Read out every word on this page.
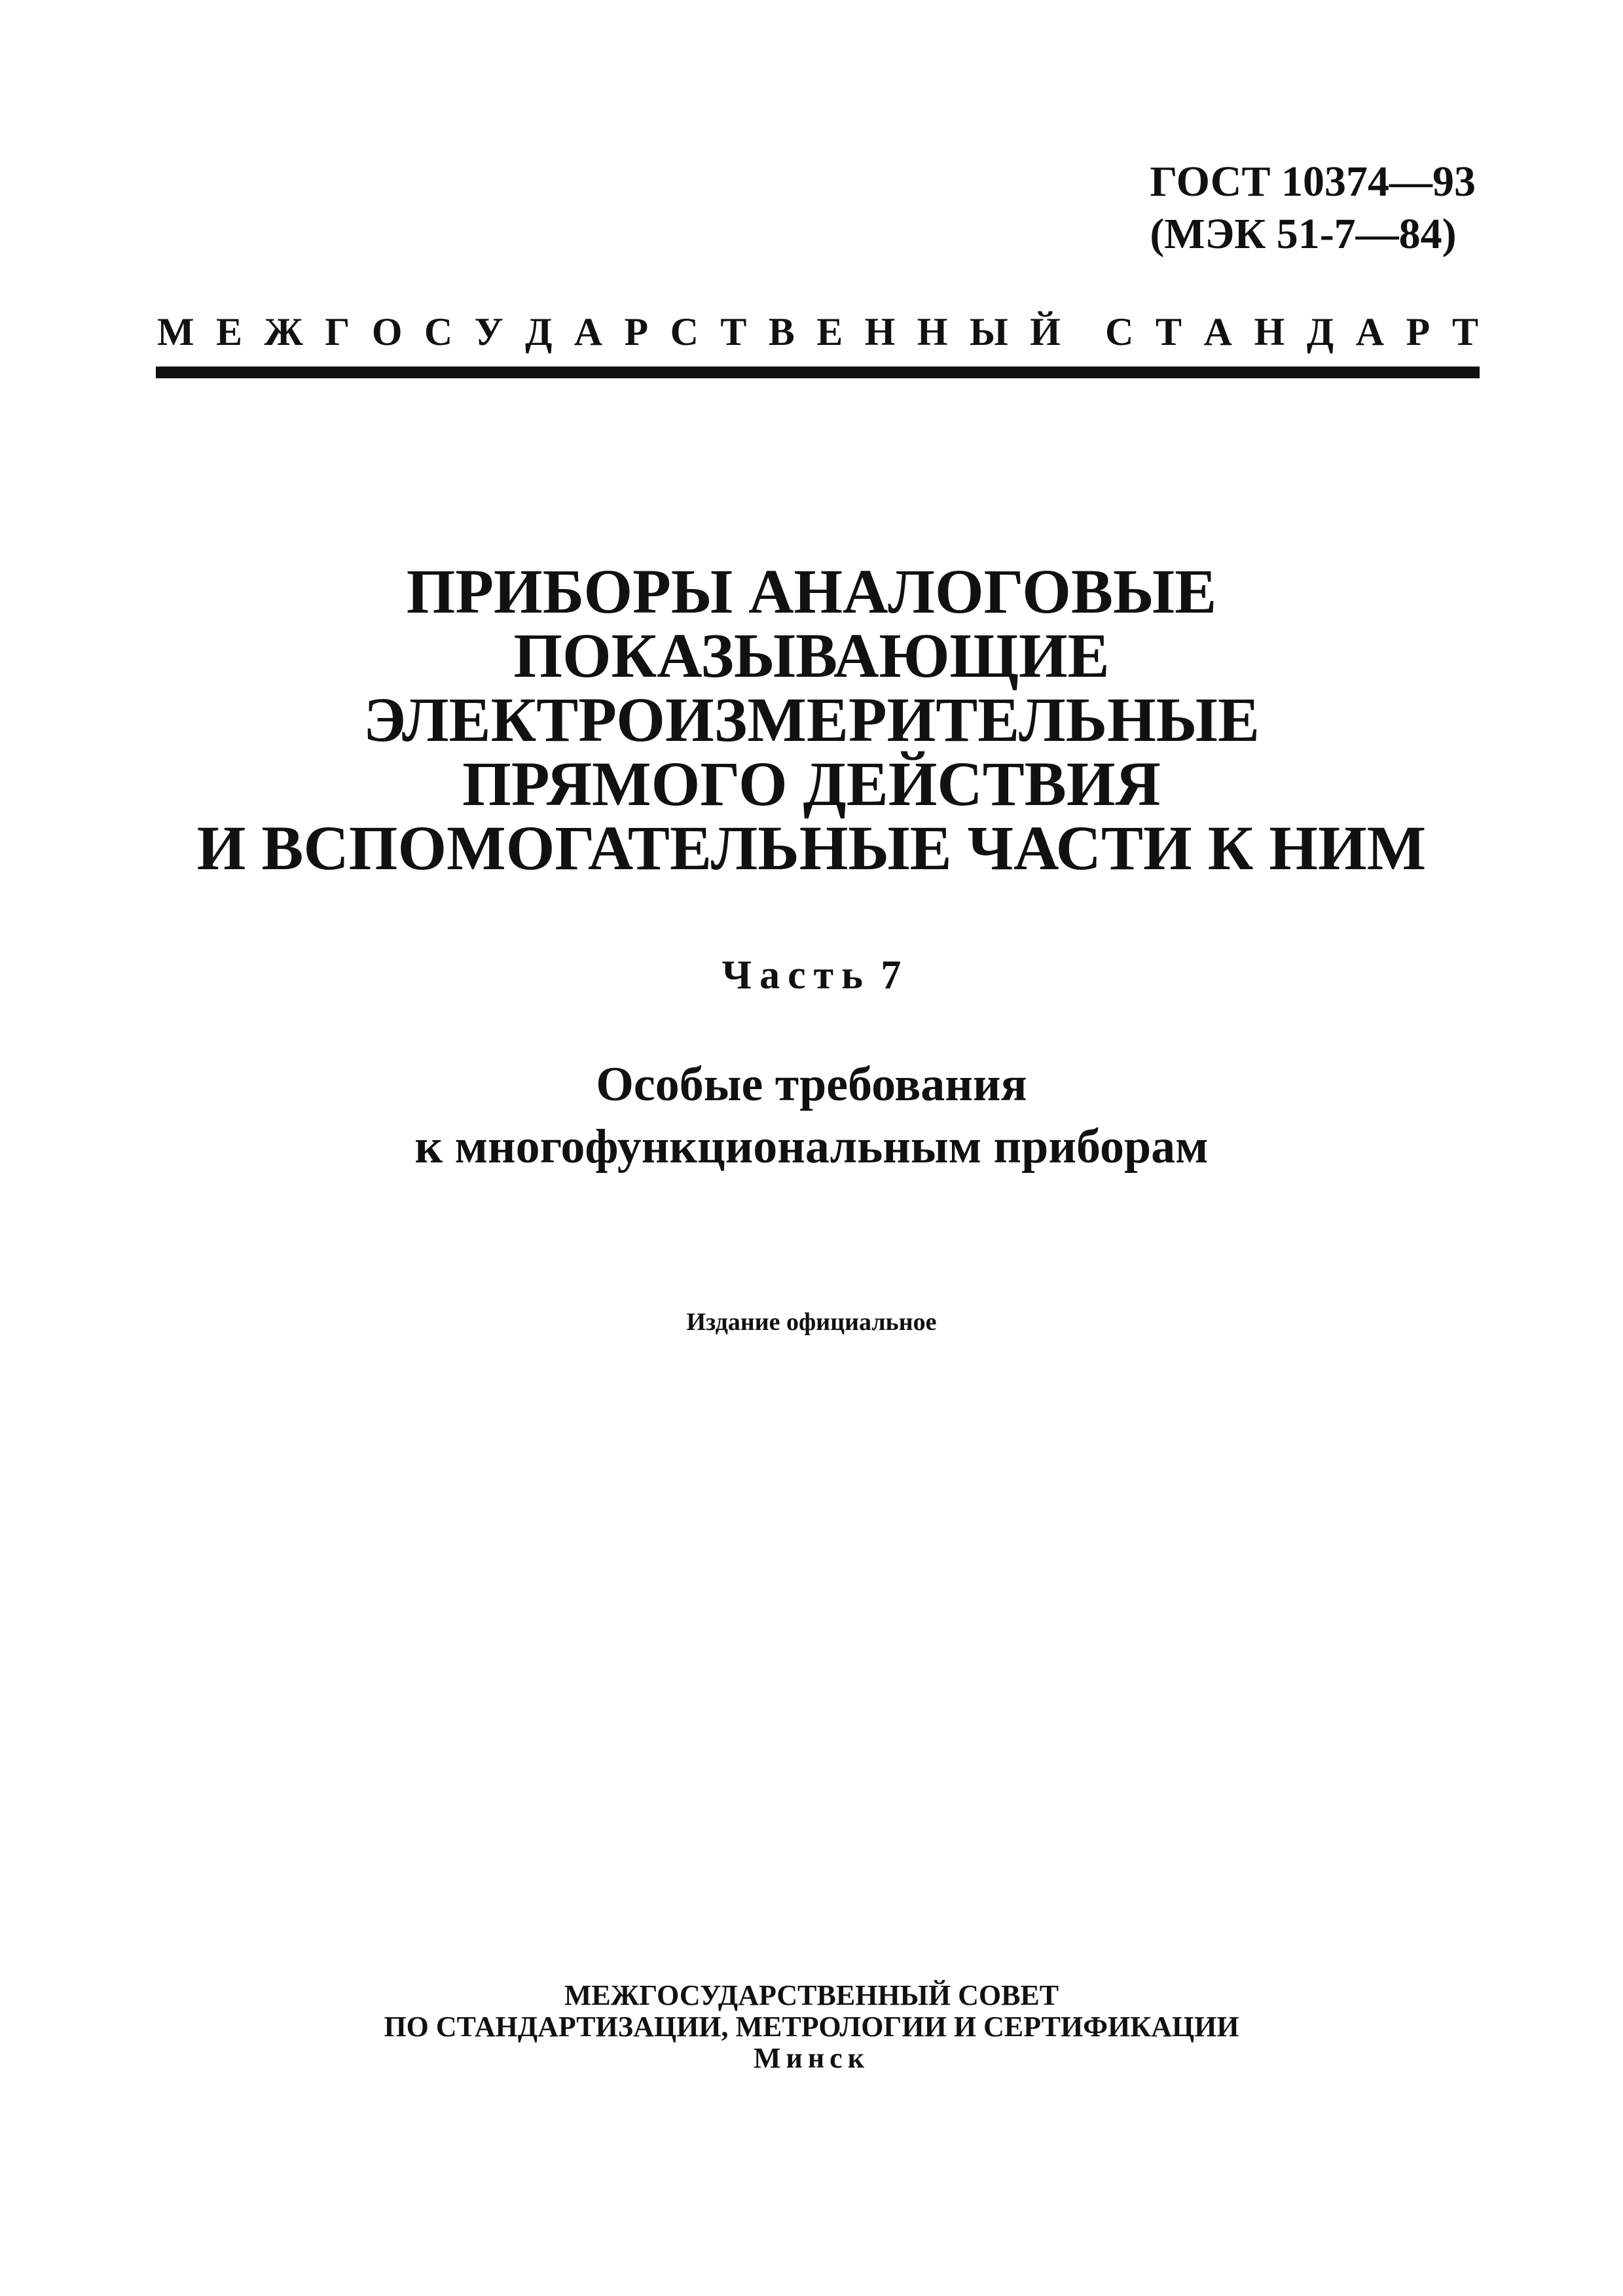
ГОСТ 10374—93
(МЭК 51-7—84)
М Е Ж Г О С У Д А Р С Т В Е Н Н Ы Й С Т А Н Д А Р Т
ПРИБОРЫ АНАЛОГОВЫЕ
ПОКАЗЫВАЮЩИЕ
ЭЛЕКТРОИЗМЕРИТЕЛЬНЫЕ
ПРЯМОГО ДЕЙСТВИЯ
И ВСПОМОГАТЕЛЬНЫЕ ЧАСТИ К НИМ
Часть 7
Особые требования
к многофункциональным приборам
Издание официальное
МЕЖГОСУДАРСТВЕННЫЙ СОВЕТ
ПО СТАНДАРТИЗАЦИИ, МЕТРОЛОГИИ И СЕРТИФИКАЦИИ
Минск
